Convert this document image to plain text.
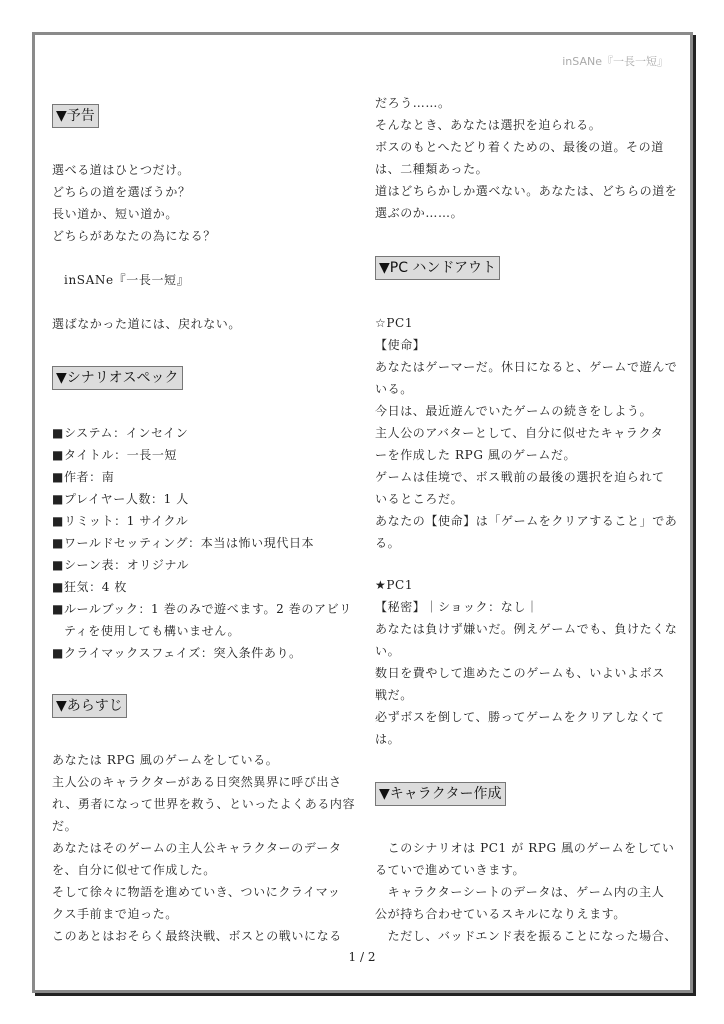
inSANe『一長一短』
▼予告
選べる道はひとつだけ。
どちらの道を選ぼうか？
長い道か、短い道か。
どちらがあなたの為になる？
inSANe『一長一短』
選ばなかった道には、戻れない。
▼シナリオスペック
■システム：インセイン
■タイトル：一長一短
■作者：南
■プレイヤー人数：1 人
■リミット：1 サイクル
■ワールドセッティング：本当は怖い現代日本
■シーン表：オリジナル
■狂気：4 枚
■ルールブック：1 巻のみで遊べます。2 巻のアビリ
ティを使用しても構いません。
■クライマックスフェイズ：突入条件あり。
▼あらすじ
あなたは RPG 風のゲームをしている。
主人公のキャラクターがある日突然異界に呼び出さ
れ、勇者になって世界を救う、といったよくある内容
だ。
あなたはそのゲームの主人公キャラクターのデータ
を、自分に似せて作成した。
そして徐々に物語を進めていき、ついにクライマッ
クス手前まで迫った。
このあとはおそらく最終決戦、ボスとの戦いになる
だろう……。
そんなとき、あなたは選択を迫られる。
ボスのもとへたどり着くための、最後の道。その道
は、二種類あった。
道はどちらかしか選べない。あなたは、どちらの道を
選ぶのか……。
▼PC ハンドアウト
☆PC1
【使命】
あなたはゲーマーだ。休日になると、ゲームで遊んで
いる。
今日は、最近遊んでいたゲームの続きをしよう。
主人公のアバターとして、自分に似せたキャラクタ
ーを作成した RPG 風のゲームだ。
ゲームは佳境で、ボス戦前の最後の選択を迫られて
いるところだ。
あなたの【使命】は「ゲームをクリアすること」であ
る。
★PC1
【秘密】｜ショック：なし｜
あなたは負けず嫌いだ。例えゲームでも、負けたくな
い。
数日を費やして進めたこのゲームも、いよいよボス
戦だ。
必ずボスを倒して、勝ってゲームをクリアしなくて
は。
▼キャラクター作成
　このシナリオは PC1 が RPG 風のゲームをしてい
るていで進めていきます。
　キャラクターシートのデータは、ゲーム内の主人
公が持ち合わせているスキルになりえます。
　ただし、バッドエンド表を振ることになった場合、
1 / 2
